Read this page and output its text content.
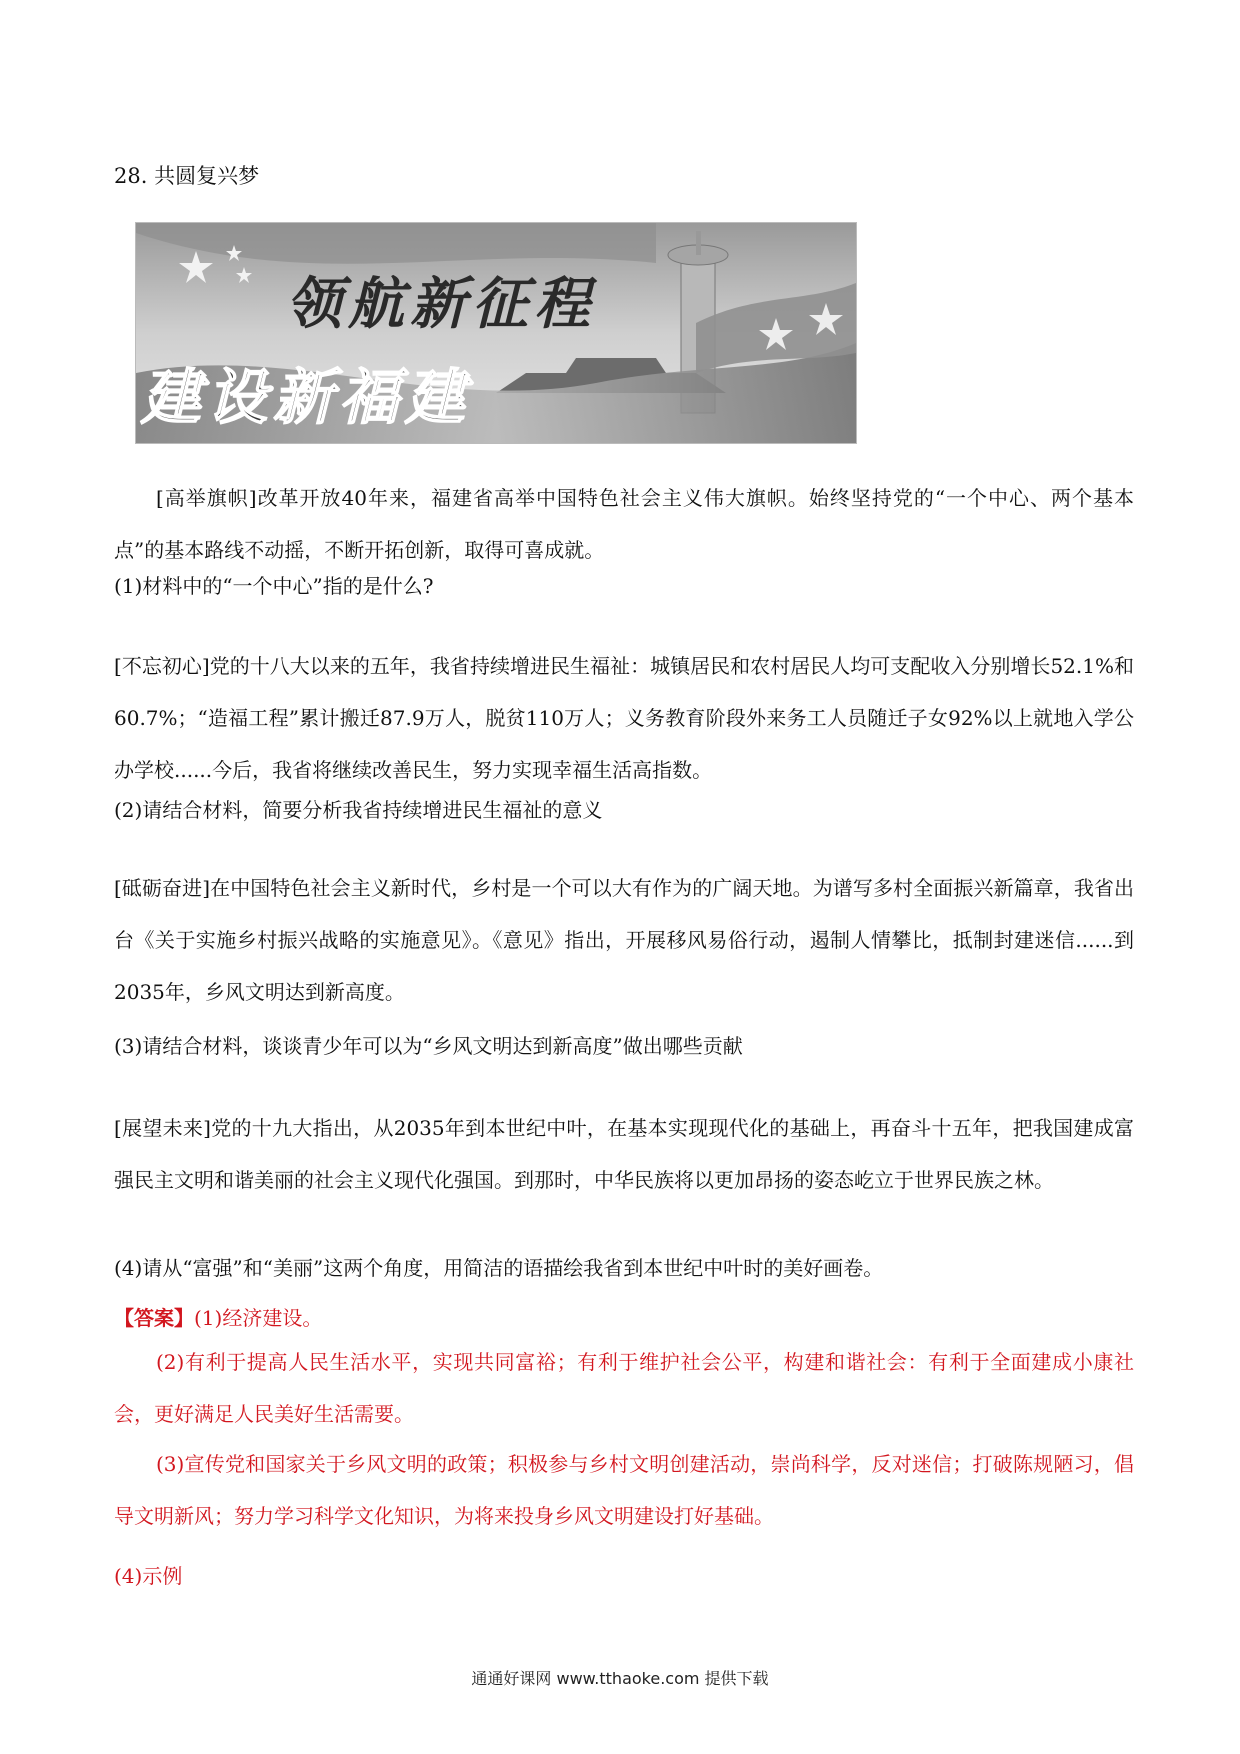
28. 共圆复兴梦
领航新征程
建设新福建

[高举旗帜]改革开放40年来，福建省高举中国特色社会主义伟大旗帜。始终坚持党的“一个中心、两个基本点”的基本路线不动摇，不断开拓创新，取得可喜成就。

(1)材料中的“一个中心”指的是什么?

[不忘初心]党的十八大以来的五年，我省持续增进民生福祉：城镇居民和农村居民人均可支配收入分别增长52.1%和60.7%；“造福工程”累计搬迁87.9万人，脱贫110万人；义务教育阶段外来务工人员随迁子女92%以上就地入学公办学校......今后，我省将继续改善民生，努力实现幸福生活高指数。

(2)请结合材料，简要分析我省持续增进民生福祉的意义

[砥砺奋进]在中国特色社会主义新时代，乡村是一个可以大有作为的广阔天地。为谱写多村全面振兴新篇章，我省出台《关于实施乡村振兴战略的实施意见》。《意见》指出，开展移风易俗行动，遏制人情攀比，抵制封建迷信......到2035年，乡风文明达到新高度。

(3)请结合材料，谈谈青少年可以为“乡风文明达到新高度”做出哪些贡献

[展望未来]党的十九大指出，从2035年到本世纪中叶，在基本实现现代化的基础上，再奋斗十五年，把我国建成富强民主文明和谐美丽的社会主义现代化强国。到那时，中华民族将以更加昂扬的姿态屹立于世界民族之林。

(4)请从“富强”和“美丽”这两个角度，用简洁的语描绘我省到本世纪中叶时的美好画卷。

【答案】(1)经济建设。

(2)有利于提高人民生活水平，实现共同富裕；有利于维护社会公平，构建和谐社会：有利于全面建成小康社会，更好满足人民美好生活需要。

(3)宣传党和国家关于乡风文明的政策；积极参与乡村文明创建活动，崇尚科学，反对迷信；打破陈规陋习，倡导文明新风；努力学习科学文化知识，为将来投身乡风文明建设打好基础。

(4)示例

通通好课网 www.tthaoke.com 提供下载
